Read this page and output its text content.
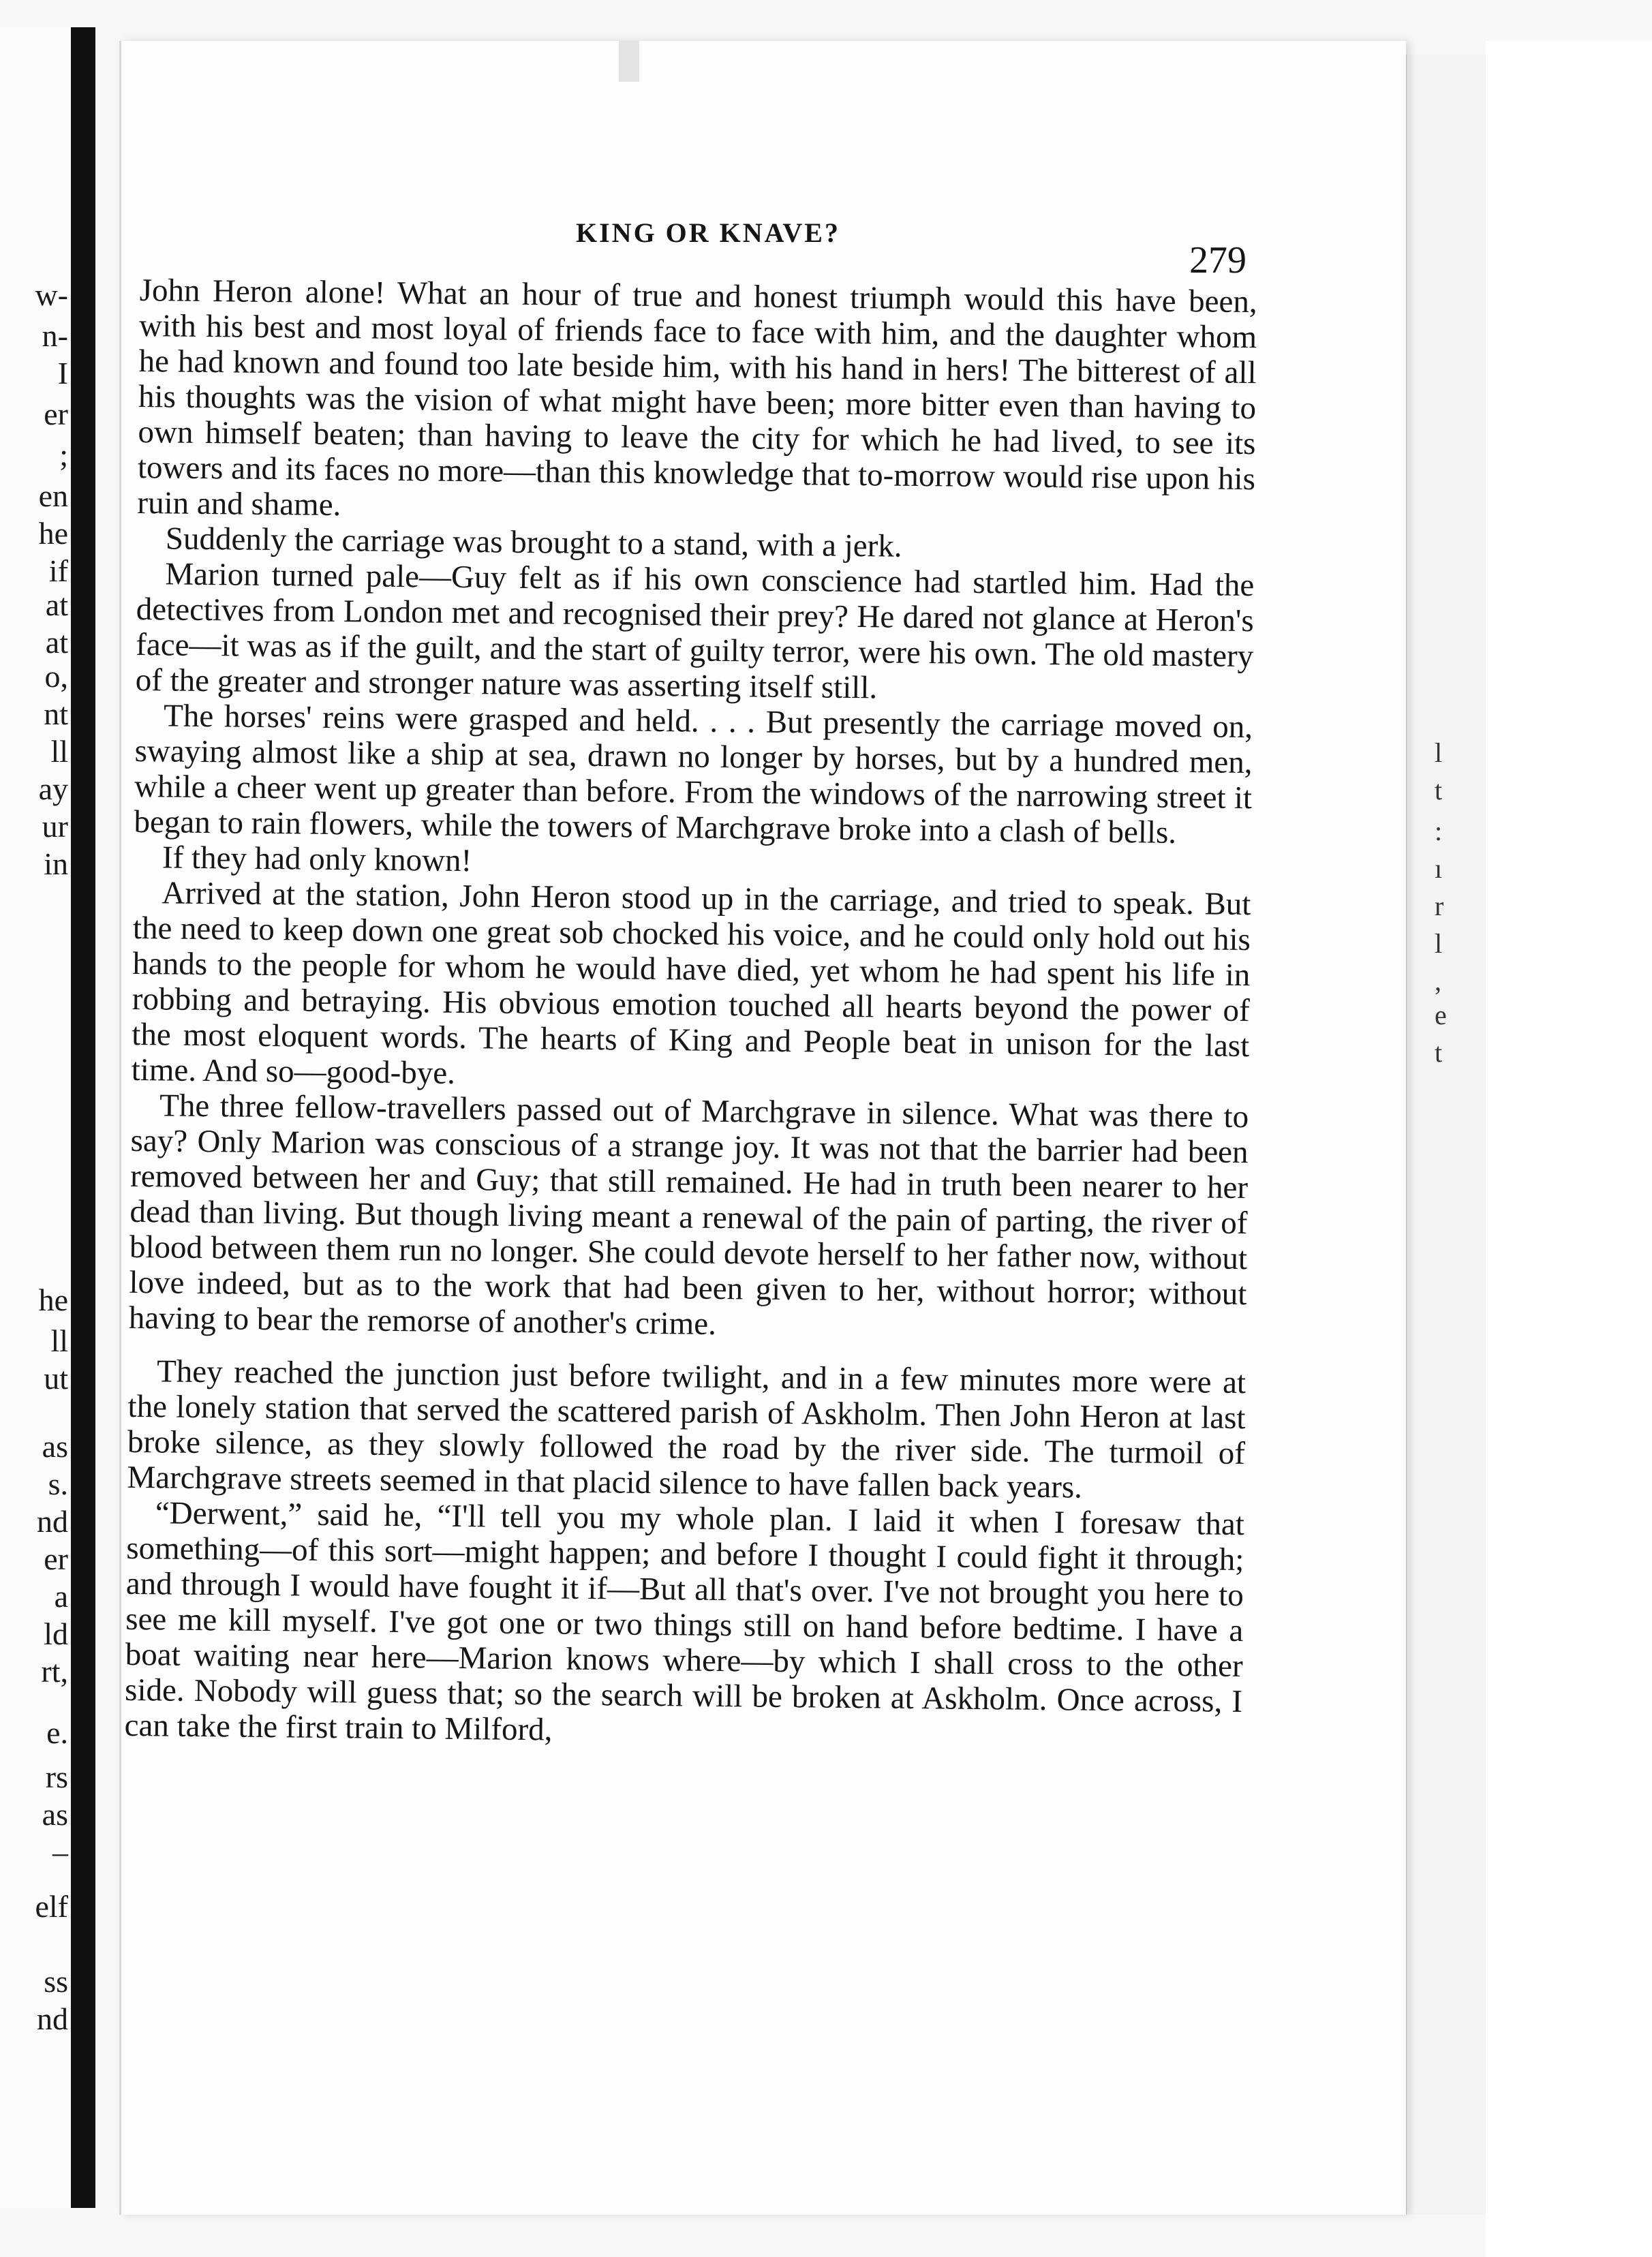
w-
n-
I
er
;
en
he
if
at
at
o,
nt
ll
ay
ur
in
he
ll
ut
as
s.
nd
er
a
ld
rt,
e.
rs
as
–
elf
ss
nd
l
t
:
ı
r
l
,
e
t
KING OR KNAVE?
279

John Heron alone! What an hour of true and honest triumph would this have been, with his best and most loyal of friends face to face with him, and the daughter whom he had known and found too late beside him, with his hand in hers! The bitterest of all his thoughts was the vision of what might have been; more bitter even than having to own himself beaten; than having to leave the city for which he had lived, to see its towers and its faces no more—than this knowledge that to-morrow would rise upon his ruin and shame.

Suddenly the carriage was brought to a stand, with a jerk.

Marion turned pale—Guy felt as if his own conscience had startled him. Had the detectives from London met and recognised their prey? He dared not glance at Heron's face—it was as if the guilt, and the start of guilty terror, were his own. The old mastery of the greater and stronger nature was asserting itself still.

The horses' reins were grasped and held. . . . But presently the carriage moved on, swaying almost like a ship at sea, drawn no longer by horses, but by a hundred men, while a cheer went up greater than before. From the windows of the narrowing street it began to rain flowers, while the towers of Marchgrave broke into a clash of bells.

If they had only known!

Arrived at the station, John Heron stood up in the carriage, and tried to speak. But the need to keep down one great sob chocked his voice, and he could only hold out his hands to the people for whom he would have died, yet whom he had spent his life in robbing and betraying. His obvious emotion touched all hearts beyond the power of the most eloquent words. The hearts of King and People beat in unison for the last time. And so—good-bye.

The three fellow-travellers passed out of Marchgrave in silence. What was there to say? Only Marion was conscious of a strange joy. It was not that the barrier had been removed between her and Guy; that still remained. He had in truth been nearer to her dead than living. But though living meant a renewal of the pain of parting, the river of blood between them run no longer. She could devote herself to her father now, without love indeed, but as to the work that had been given to her, without horror; without having to bear the remorse of another's crime.

They reached the junction just before twilight, and in a few minutes more were at the lonely station that served the scattered parish of Askholm. Then John Heron at last broke silence, as they slowly followed the road by the river side. The turmoil of Marchgrave streets seemed in that placid silence to have fallen back years.

“Derwent,” said he, “I'll tell you my whole plan. I laid it when I foresaw that something—of this sort—might happen; and before I thought I could fight it through; and through I would have fought it if—But all that's over. I've not brought you here to see me kill myself. I've got one or two things still on hand before bedtime. I have a boat waiting near here—Marion knows where—by which I shall cross to the other side. Nobody will guess that; so the search will be broken at Askholm. Once across, I can take the first train to Milford,
